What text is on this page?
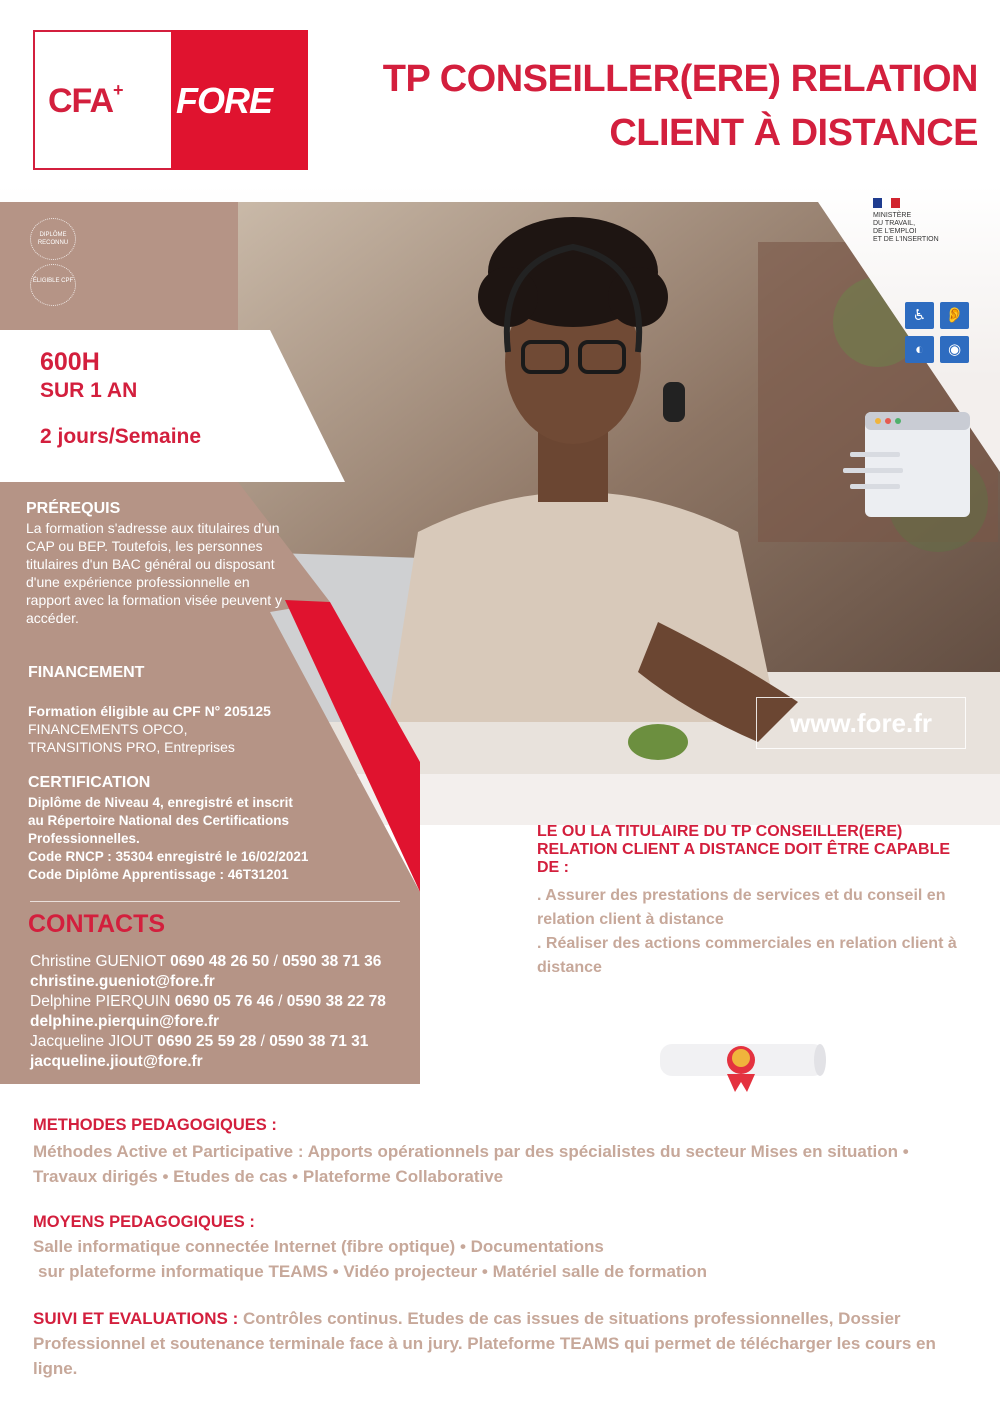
CFA+ FORE
TP CONSEILLER(ERE) RELATION
CLIENT À DISTANCE
DIPLÔME RECONNU
ÉLIGIBLE CPF
600H
SUR 1 AN
2 jours/Semaine
PRÉREQUIS
La formation s'adresse aux titulaires d'un CAP ou BEP. Toutefois, les personnes titulaires d'un BAC général ou disposant d'une expérience professionnelle en rapport avec la formation visée peuvent y accéder.
FINANCEMENT
Formation éligible au CPF N° 205125
FINANCEMENTS OPCO,
TRANSITIONS PRO, Entreprises
CERTIFICATION
Diplôme de Niveau 4, enregistré et inscrit
au Répertoire National des Certifications
Professionnelles.
Code RNCP : 35304 enregistré le 16/02/2021
Code Diplôme Apprentissage : 46T31201
CONTACTS
Christine GUENIOT 0690 48 26 50 / 0590 38 71 36
christine.gueniot@fore.fr
Delphine PIERQUIN 0690 05 76 46 / 0590 38 22 78
delphine.pierquin@fore.fr
Jacqueline JIOUT 0690 25 59 28 / 0590 38 71 31
jacqueline.jiout@fore.fr
MINISTÈRE
DU TRAVAIL,
DE L'EMPLOI
ET DE L'INSERTION
♿	👂
◐	◉
www.fore.fr
LE OU LA TITULAIRE DU TP CONSEILLER(ERE) RELATION CLIENT A DISTANCE DOIT ÊTRE CAPABLE DE :
. Assurer des prestations de services et du conseil en relation client à distance
. Réaliser des actions commerciales en relation client à distance
METHODES PEDAGOGIQUES :
Méthodes Active et Participative : Apports opérationnels par des spécialistes du secteur Mises en situation • Travaux dirigés • Etudes de cas • Plateforme Collaborative
MOYENS PEDAGOGIQUES :
Salle informatique connectée Internet (fibre optique) • Documentations
sur plateforme informatique TEAMS • Vidéo projecteur • Matériel salle de formation
SUIVI ET EVALUATIONS : Contrôles continus. Etudes de cas issues de situations professionnelles, Dossier Professionnel et soutenance terminale face à un jury. Plateforme TEAMS qui permet de télécharger les cours en ligne.
